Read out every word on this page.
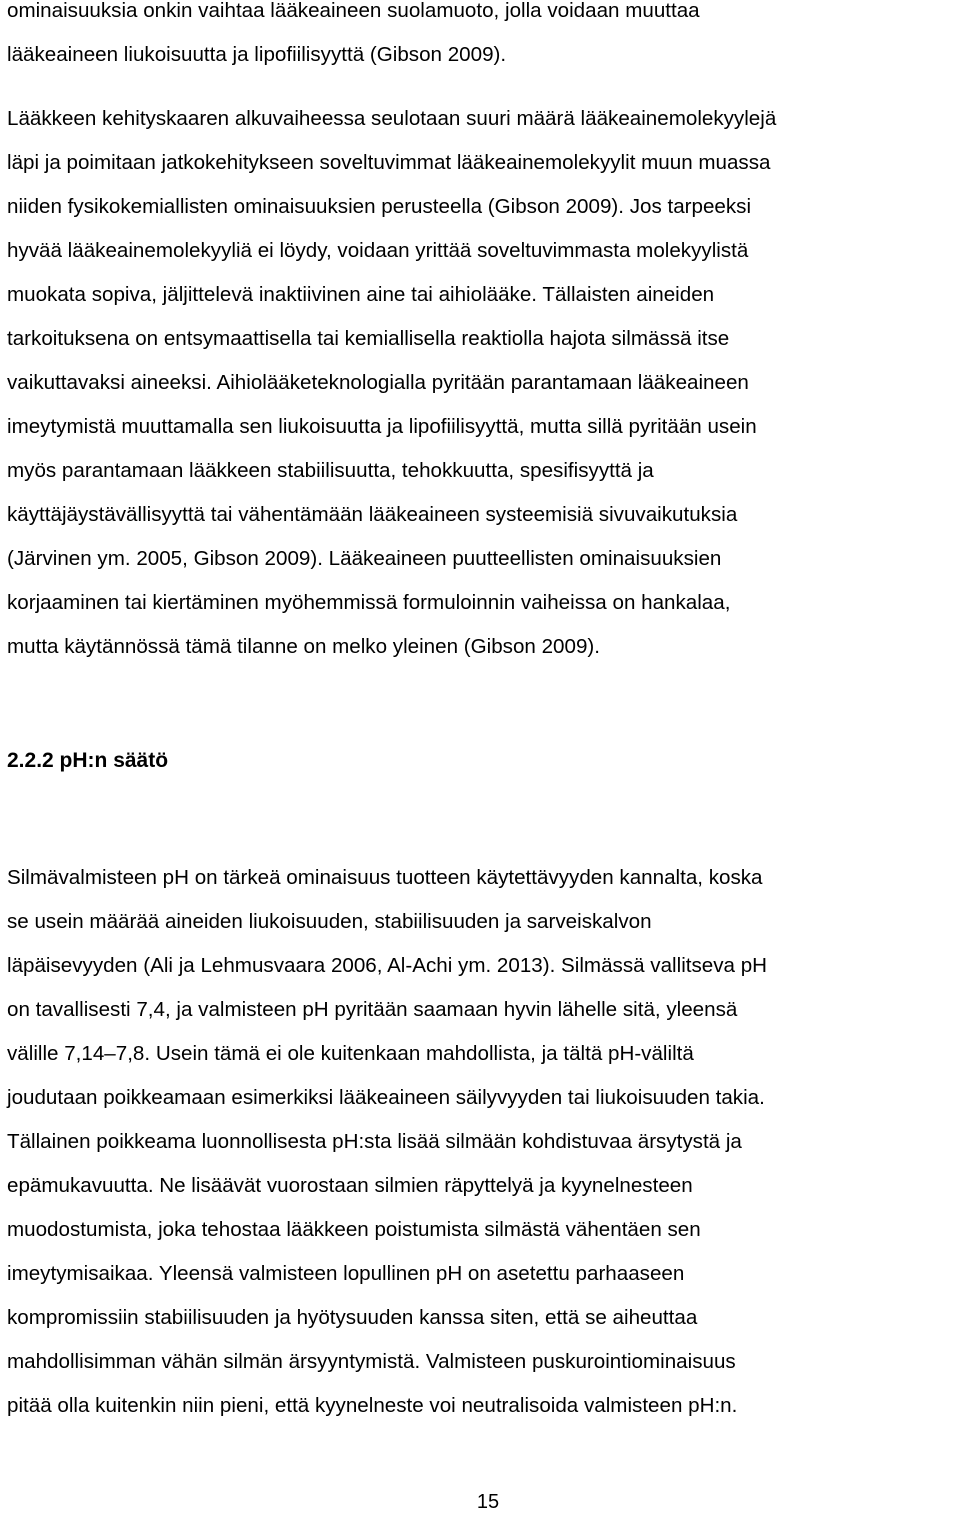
ominaisuuksia onkin vaihtaa lääkeaineen suolamuoto, jolla voidaan muuttaa
lääkeaineen liukoisuutta ja lipofiilisyyttä (Gibson 2009).
Lääkkeen kehityskaaren alkuvaiheessa seulotaan suuri määrä lääkeainemolekyylejä
läpi ja poimitaan jatkokehitykseen soveltuvimmat lääkeainemolekyylit muun muassa
niiden fysikokemiallisten ominaisuuksien perusteella (Gibson 2009). Jos tarpeeksi
hyvää lääkeainemolekyyliä ei löydy, voidaan yrittää soveltuvimmasta molekyylistä
muokata sopiva, jäljittelevä inaktiivinen aine tai aihiolääke. Tällaisten aineiden
tarkoituksena on entsymaattisella tai kemiallisella reaktiolla hajota silmässä itse
vaikuttavaksi aineeksi. Aihiolääketeknologialla pyritään parantamaan lääkeaineen
imeytymistä muuttamalla sen liukoisuutta ja lipofiilisyyttä, mutta sillä pyritään usein
myös parantamaan lääkkeen stabiilisuutta, tehokkuutta, spesifisyyttä ja
käyttäjäystävällisyyttä tai vähentämään lääkeaineen systeemisiä sivuvaikutuksia
(Järvinen ym. 2005, Gibson 2009). Lääkeaineen puutteellisten ominaisuuksien
korjaaminen tai kiertäminen myöhemmissä formuloinnin vaiheissa on hankalaa,
mutta käytännössä tämä tilanne on melko yleinen (Gibson 2009).
2.2.2 pH:n säätö
Silmävalmisteen pH on tärkeä ominaisuus tuotteen käytettävyyden kannalta, koska
se usein määrää aineiden liukoisuuden, stabiilisuuden ja sarveiskalvon
läpäisevyyden (Ali ja Lehmusvaara 2006, Al-Achi ym. 2013). Silmässä vallitseva pH
on tavallisesti 7,4, ja valmisteen pH pyritään saamaan hyvin lähelle sitä, yleensä
välille 7,14–7,8. Usein tämä ei ole kuitenkaan mahdollista, ja tältä pH-väliltä
joudutaan poikkeamaan esimerkiksi lääkeaineen säilyvyyden tai liukoisuuden takia.
Tällainen poikkeama luonnollisesta pH:sta lisää silmään kohdistuvaa ärsytystä ja
epämukavuutta. Ne lisäävät vuorostaan silmien räpyttelyä ja kyynelnesteen
muodostumista, joka tehostaa lääkkeen poistumista silmästä vähentäen sen
imeytymisaikaa. Yleensä valmisteen lopullinen pH on asetettu parhaaseen
kompromissiin stabiilisuuden ja hyötysuuden kanssa siten, että se aiheuttaa
mahdollisimman vähän silmän ärsyyntymistä. Valmisteen puskurointiominaisuus
pitää olla kuitenkin niin pieni, että kyynelneste voi neutralisoida valmisteen pH:n.
15
